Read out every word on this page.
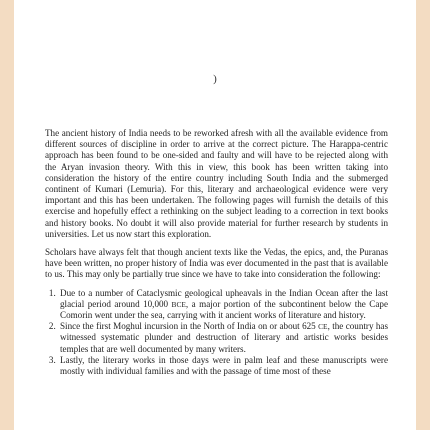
)

The ancient history of India needs to be reworked afresh with all the available evidence from different sources of discipline in order to arrive at the correct picture. The Harappa-centric approach has been found to be one-sided and faulty and will have to be rejected along with the Aryan invasion theory. With this in view, this book has been written taking into consideration the history of the entire country including South India and the submerged continent of Kumari (Lemuria). For this, literary and archaeological evidence were very important and this has been undertaken. The following pages will furnish the details of this exercise and hopefully effect a rethinking on the subject leading to a correction in text books and history books. No doubt it will also provide material for further research by students in universities. Let us now start this exploration.

Scholars have always felt that though ancient texts like the Vedas, the epics, and, the Puranas have been written, no proper history of India was ever documented in the past that is available to us. This may only be partially true since we have to take into consideration the following:

1. Due to a number of Cataclysmic geological upheavals in the Indian Ocean after the last glacial period around 10,000 BCE, a major portion of the subcontinent below the Cape Comorin went under the sea, carrying with it ancient works of literature and history.
2. Since the first Moghul incursion in the North of India on or about 625 CE, the country has witnessed systematic plunder and destruction of literary and artistic works besides temples that are well documented by many writers.
3. Lastly, the literary works in those days were in palm leaf and these manuscripts were mostly with individual families and with the passage of time most of these
